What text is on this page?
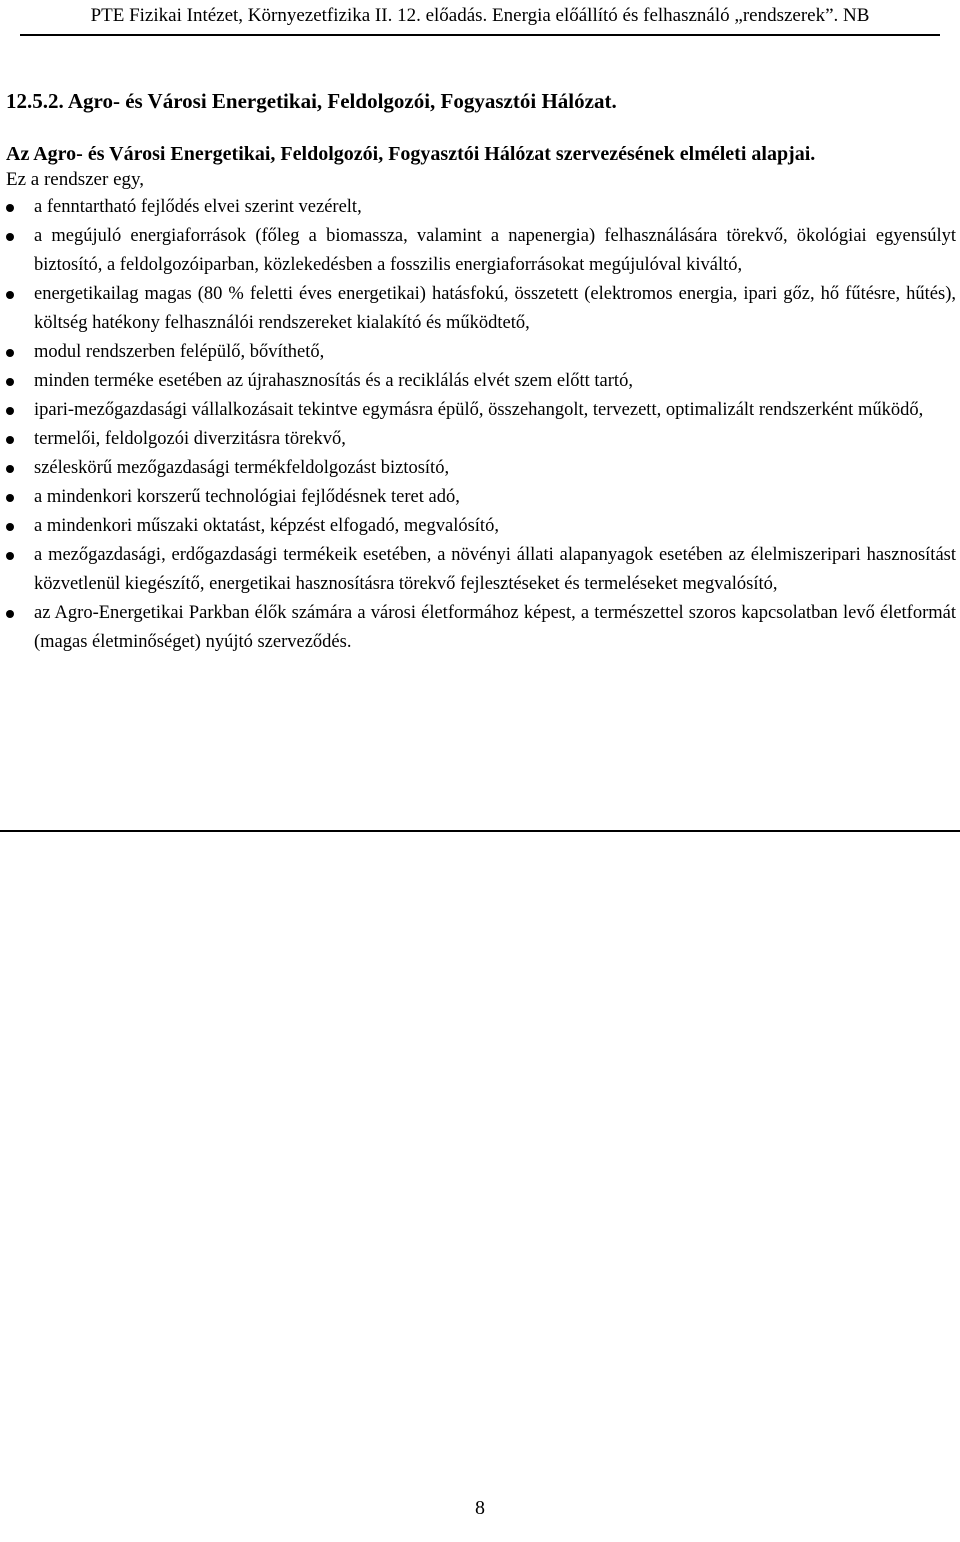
PTE Fizikai Intézet, Környezetfizika II. 12. előadás. Energia előállító és felhasználó „rendszerek”. NB
12.5.2. Agro- és Városi Energetikai, Feldolgozói, Fogyasztói Hálózat.

Az Agro- és Városi Energetikai, Feldolgozói, Fogyasztói Hálózat szervezésének elméleti alapjai.

Ez a rendszer egy,

a fenntartható fejlődés elvei szerint vezérelt,
a megújuló energiaforrások (főleg a biomassza, valamint a napenergia) felhasználására törekvő, ökológiai egyensúlyt biztosító, a feldolgozóiparban, közlekedésben a fosszilis energiaforrásokat megújulóval kiváltó,
energetikailag magas (80 % feletti éves energetikai) hatásfokú, összetett (elektromos energia, ipari gőz, hő fűtésre, hűtés), költség hatékony felhasználói rendszereket kialakító és működtető,
modul rendszerben felépülő, bővíthető,
minden terméke esetében az újrahasznosítás és a reciklálás elvét szem előtt tartó,
ipari-mezőgazdasági vállalkozásait tekintve egymásra épülő, összehangolt, tervezett, optimalizált rendszerként működő,
termelői, feldolgozói diverzitásra törekvő,
széleskörű mezőgazdasági termékfeldolgozást biztosító,
a mindenkori korszerű technológiai fejlődésnek teret adó,
a mindenkori műszaki oktatást, képzést elfogadó, megvalósító,
a mezőgazdasági, erdőgazdasági termékeik esetében, a növényi állati alapanyagok esetében az élelmiszeripari hasznosítást közvetlenül kiegészítő, energetikai hasznosításra törekvő fejlesztéseket és termeléseket megvalósító,
az Agro-Energetikai Parkban élők számára a városi életformához képest, a természettel szoros kapcsolatban levő életformát (magas életminőséget) nyújtó szerveződés.
8
